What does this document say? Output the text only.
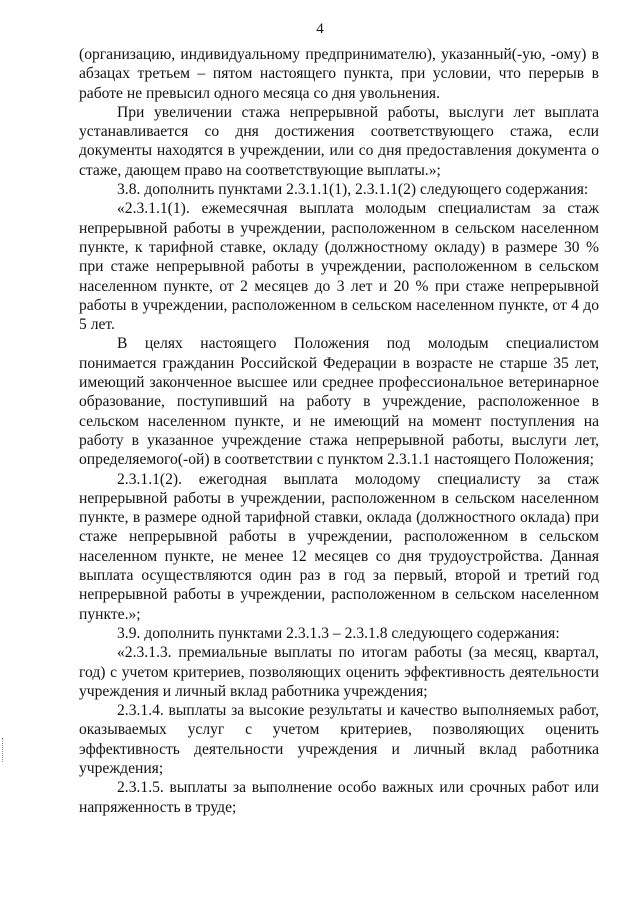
4

(организацию, индивидуальному предпринимателю), указанный(-ую, -ому) в абзацах третьем – пятом настоящего пункта, при условии, что перерыв в работе не превысил одного месяца со дня увольнения.

При увеличении стажа непрерывной работы, выслуги лет выплата устанавливается со дня достижения соответствующего стажа, если документы находятся в учреждении, или со дня предоставления документа о стаже, дающем право на соответствующие выплаты.»;

3.8. дополнить пунктами 2.3.1.1(1), 2.3.1.1(2) следующего содержания:

«2.3.1.1(1). ежемесячная выплата молодым специалистам за стаж непрерывной работы в учреждении, расположенном в сельском населенном пункте, к тарифной ставке, окладу (должностному окладу) в размере 30 % при стаже непрерывной работы в учреждении, расположенном в сельском населенном пункте, от 2 месяцев до 3 лет и 20 % при стаже непрерывной работы в учреждении, расположенном в сельском населенном пункте, от 4 до 5 лет.

В целях настоящего Положения под молодым специалистом понимается гражданин Российской Федерации в возрасте не старше 35 лет, имеющий законченное высшее или среднее профессиональное ветеринарное образование, поступивший на работу в учреждение, расположенное в сельском населенном пункте, и не имеющий на момент поступления на работу в указанное учреждение стажа непрерывной работы, выслуги лет, определяемого(-ой) в соответствии с пунктом 2.3.1.1 настоящего Положения;

2.3.1.1(2). ежегодная выплата молодому специалисту за стаж непрерывной работы в учреждении, расположенном в сельском населенном пункте, в размере одной тарифной ставки, оклада (должностного оклада) при стаже непрерывной работы в учреждении, расположенном в сельском населенном пункте, не менее 12 месяцев со дня трудоустройства. Данная выплата осуществляются один раз в год за первый, второй и третий год непрерывной работы в учреждении, расположенном в сельском населенном пункте.»;

3.9. дополнить пунктами 2.3.1.3 – 2.3.1.8 следующего содержания:

«2.3.1.3. премиальные выплаты по итогам работы (за месяц, квартал, год) с учетом критериев, позволяющих оценить эффективность деятельности учреждения и личный вклад работника учреждения;

2.3.1.4. выплаты за высокие результаты и качество выполняемых работ, оказываемых услуг с учетом критериев, позволяющих оценить эффективность деятельности учреждения и личный вклад работника учреждения;

2.3.1.5. выплаты за выполнение особо важных или срочных работ или напряженность в труде;
